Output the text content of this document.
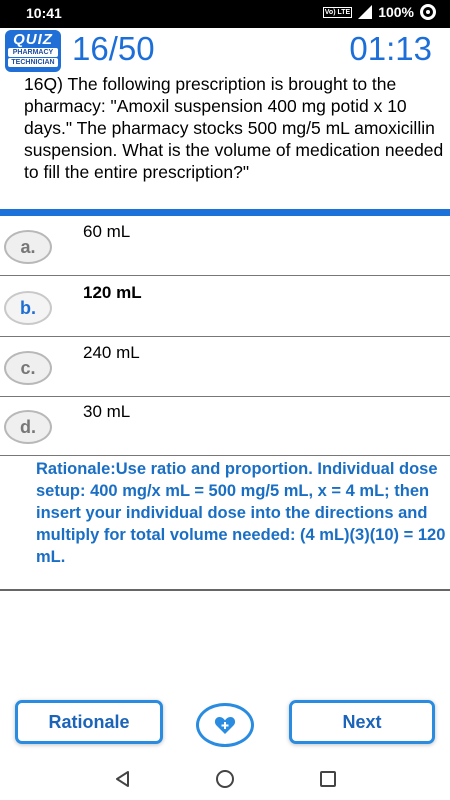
10:41	Vo) LTE 100%
QUIZ
PHARMACY
TECHNICIAN 16/50	01:13
16Q) The following prescription is brought to the pharmacy: "Amoxil suspension 400 mg potid x 10 days." The pharmacy stocks 500 mg/5 mL amoxicillin suspension. What is the volume of medication needed to fill the entire prescription?"
a.
60 mL
b.
120 mL
c.
240 mL
d.
30 mL
Rationale:Use ratio and proportion. Individual dose setup: 400 mg/x mL = 500 mg/5 mL, x = 4 mL; then insert your individual dose into the directions and multiply for total volume needed: (4 mL)(3)(10) = 120 mL.
Rationale	Next
